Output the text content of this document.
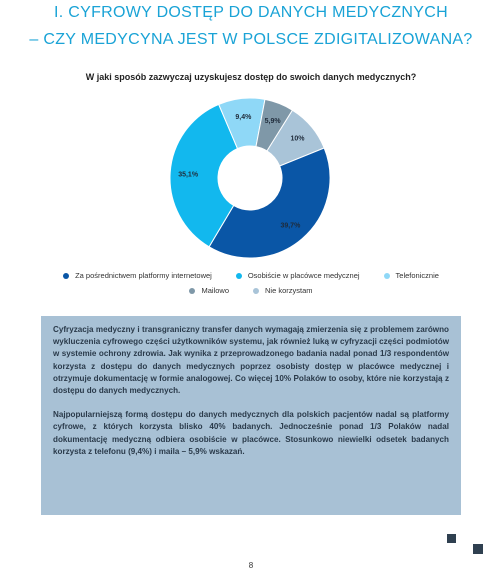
I. CYFROWY DOSTĘP DO DANYCH MEDYCZNYCH
– CZY MEDYCYNA JEST W POLSCE ZDIGITALIZOWANA?
W jaki sposób zazwyczaj uzyskujesz dostęp do swoich danych medycznych?
10%
39,7%
35,1%
9,4%
5,9%
Za pośrednictwem platformy internetowej	Osobiście w placówce medycznej	Telefonicznie
Mailowo	Nie korzystam

Cyfryzacja medyczny i transgraniczny transfer danych wymagają zmierzenia się z problemem zarówno wykluczenia cyfrowego części użytkowników systemu, jak również luką w cyfryzacji części podmiotów w systemie ochrony zdrowia. Jak wynika z przeprowadzonego badania nadal ponad 1/3 respondentów korzysta z dostępu do danych medycznych poprzez osobisty dostęp w placówce medycznej i otrzymuje dokumentację w formie analogowej. Co więcej 10% Polaków to osoby, które nie korzystają z dostępu do danych medycznych.

Najpopularniejszą formą dostępu do danych medycznych dla polskich pacjentów nadal są platformy cyfrowe, z których korzysta blisko 40% badanych. Jednocześnie ponad 1/3 Polaków nadal dokumentację medyczną odbiera osobiście w placówce. Stosunkowo niewielki odsetek badanych korzysta z telefonu (9,4%) i maila – 5,9% wskazań.

8
